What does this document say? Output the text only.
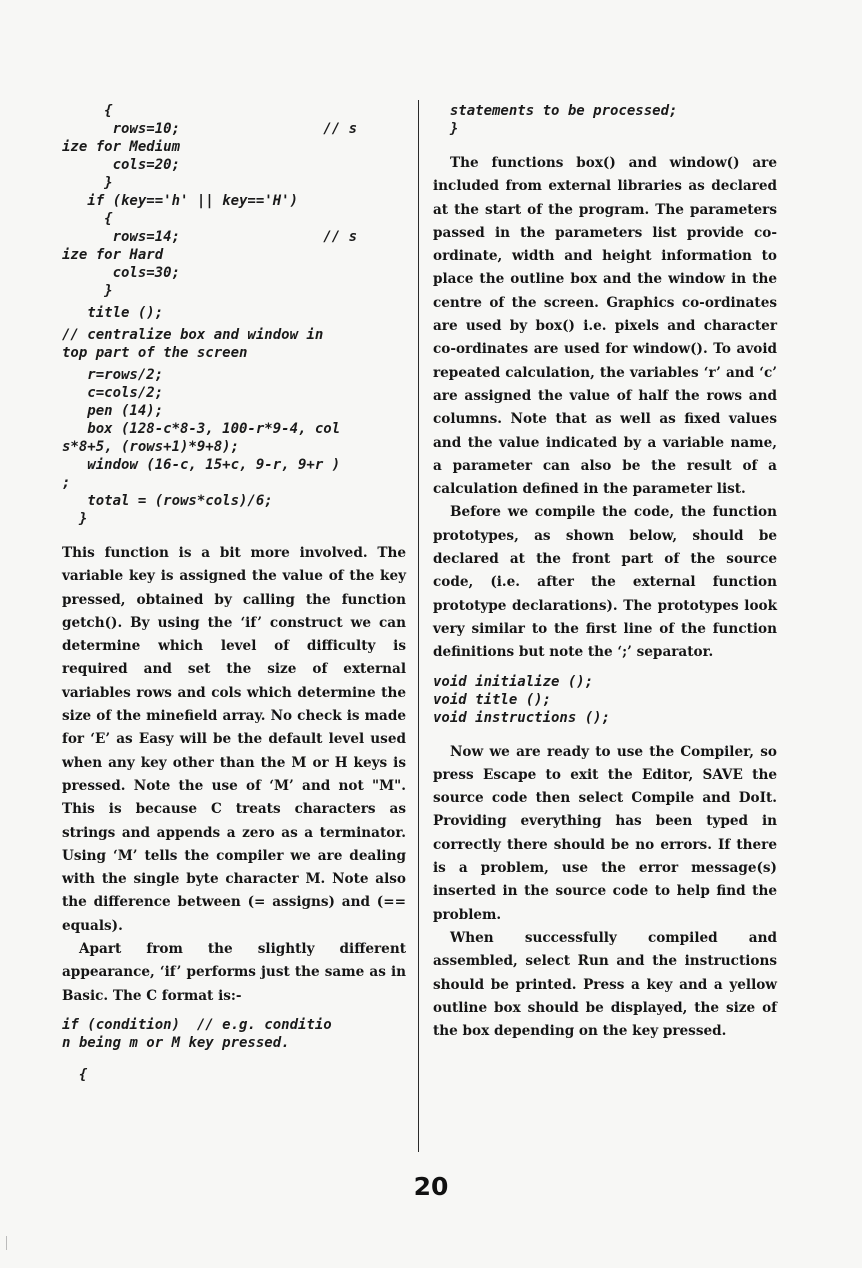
{
rows=10;                 // s
ize for Medium
cols=20;
}
if (key=='h' || key=='H')
{
rows=14;                 // s
ize for Hard
cols=30;
}
title ();
// centralize box and window in
top part of the screen
r=rows/2;
c=cols/2;
pen (14);
box (128-c*8-3, 100-r*9-4, col
s*8+5, (rows+1)*9+8);
window (16-c, 15+c, 9-r, 9+r )
;
total = (rows*cols)/6;
}

This function is a bit more involved. The variable key is assigned the value of the key pressed, obtained by calling the function getch(). By using the ‘if’ construct we can determine which level of difficulty is required and set the size of external variables rows and cols which determine the size of the minefield array. No check is made for ‘E’ as Easy will be the default level used when any key other than the M or H keys is pressed. Note the use of ‘M’ and not "M". This is because C treats characters as strings and appends a zero as a terminator. Using ‘M’ tells the compiler we are dealing with the single byte character M. Note also the difference between (= assigns) and (== equals).

Apart from the slightly different appearance, ‘if’ performs just the same as in Basic. The C format is:-

if (condition)  // e.g. conditio
n being m or M key pressed.
{
statements to be processed;
}

The functions box() and window() are included from external libraries as declared at the start of the program. The parameters passed in the parameters list provide co-ordinate, width and height information to place the outline box and the window in the centre of the screen. Graphics co-ordinates are used by box() i.e. pixels and character co-ordinates are used for window(). To avoid repeated calculation, the variables ‘r’ and ‘c’ are assigned the value of half the rows and columns. Note that as well as fixed values and the value indicated by a variable name, a parameter can also be the result of a calculation defined in the parameter list.

Before we compile the code, the function prototypes, as shown below, should be declared at the front part of the source code, (i.e. after the external function prototype declarations). The prototypes look very similar to the first line of the function definitions but note the ‘;’ separator.

void initialize ();
void title ();
void instructions ();

Now we are ready to use the Compiler, so press Escape to exit the Editor, SAVE the source code then select Compile and DoIt. Providing everything has been typed in correctly there should be no errors. If there is a problem, use the error message(s) inserted in the source code to help find the problem.

When successfully compiled and assembled, select Run and the instructions should be printed. Press a key and a yellow outline box should be displayed, the size of the box depending on the key pressed.

20
